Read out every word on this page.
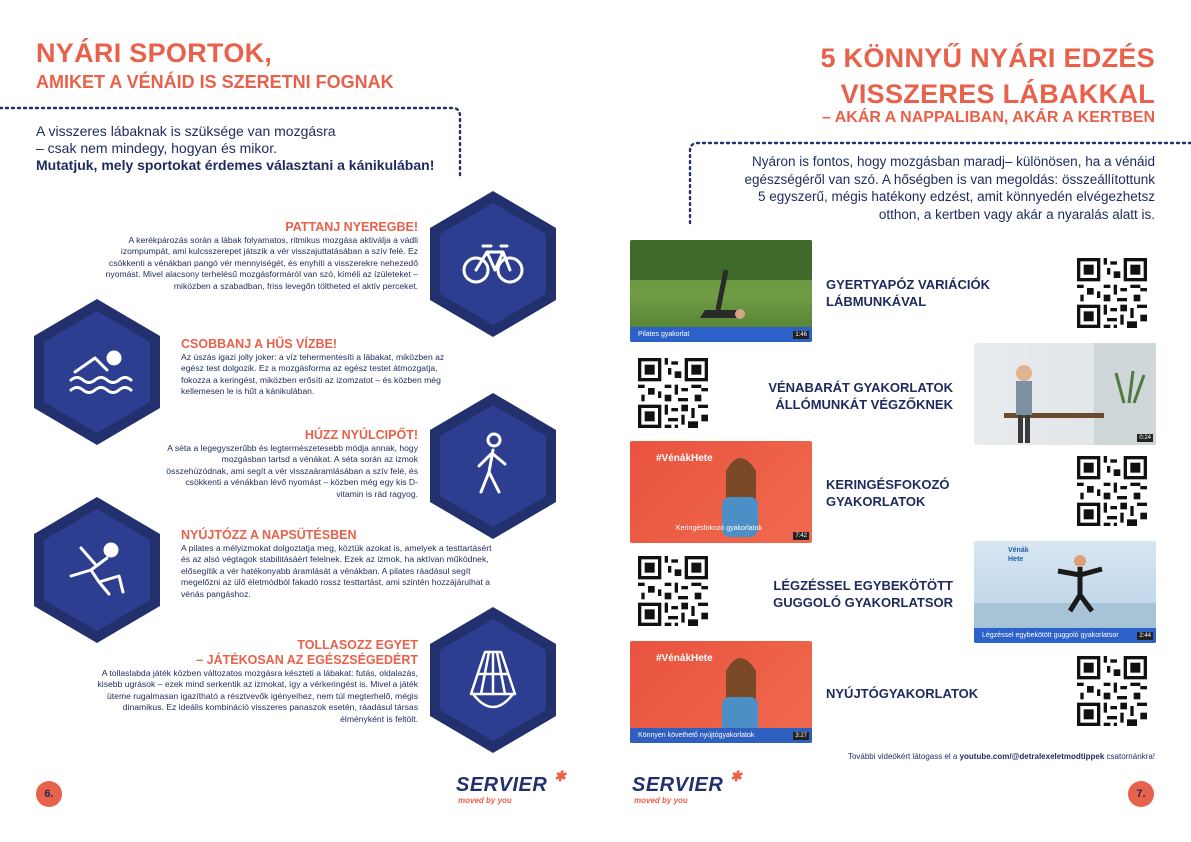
NYÁRI SPORTOK,
AMIKET A VÉNÁID IS SZERETNI FOGNAK
A visszeres lábaknak is szüksége van mozgásra
– csak nem mindegy, hogyan és mikor.
Mutatjuk, mely sportokat érdemes választani a kánikulában!
PATTANJ NYEREGBE!
A kerékpározás során a lábak folyamatos, ritmikus mozgása aktiválja a vádli izompumpát, ami kulcsszerepet játszik a vér visszajuttatásában a szív felé. Ez csökkenti a vénákban pangó vér mennyiségét, és enyhíti a visszerekre nehezedő nyomást. Mivel alacsony terhelésű mozgásformáról van szó, kíméli az ízületeket – miközben a szabadban, friss levegőn töltheted el aktív perceket.
CSOBBANJ A HŰS VÍZBE!
Az úszás igazi jolly joker: a víz tehermentesíti a lábakat, miközben az egész test dolgozik. Ez a mozgásforma az egész testet átmozgatja, fokozza a keringést, miközben erősíti az izomzatot – és közben még kellemesen le is hűt a kánikulában.
HÚZZ NYÚLCIPŐT!
A séta a legegyszerűbb és legtermészetesebb módja annak, hogy mozgásban tartsd a vénákat. A séta során az izmok összehúzódnak, ami segít a vér visszaáramlásában a szív felé, és csökkenti a vénákban lévő nyomást – közben még egy kis D-vitamin is rád ragyog.
NYÚJTÓZZ A NAPSÜTÉSBEN
A pilates a mélyizmokat dolgoztatja meg, köztük azokat is, amelyek a testtartásért és az alsó végtagok stabilitásáért felelnek. Ezek az izmok, ha aktívan működnek, elősegítik a vér hatékonyabb áramlását a vénákban. A pilates ráadásul segít megelőzni az ülő életmódból fakadó rossz testtartást, ami szintén hozzájárulhat a vénás pangáshoz.
TOLLASOZZ EGYET
– JÁTÉKOSAN AZ EGÉSZSÉGEDÉRT
A tollaslabda játék közben változatos mozgásra készteti a lábakat: futás, oldalazás, kisebb ugrások – ezek mind serkentik az izmokat, így a vérkeringést is. Mivel a játék üteme rugalmasan igazítható a résztvevők igényeihez, nem túl megterhelő, mégis dinamikus. Ez ideális kombináció visszeres panaszok esetén, ráadásul társas élményként is feltölt.
6.	SERVIER ✱
moved by you
5 KÖNNYŰ NYÁRI EDZÉS
VISSZERES LÁBAKKAL
– AKÁR A NAPPALIBAN, AKÁR A KERTBEN
Nyáron is fontos, hogy mozgásban maradj– különösen, ha a vénáid
egészségéről van szó. A hőségben is van megoldás: összeállítottunk
5 egyszerű, mégis hatékony edzést, amit könnyedén elvégezhetsz
otthon, a kertben vagy akár a nyaralás alatt is.
Pilates gyakorlat	1:46
GYERTYAPÓZ VARIÁCIÓK
LÁBMUNKÁVAL
VÉNABARÁT GYAKORLATOK
ÁLLÓMUNKÁT VÉGZŐKNEK
0:24
#VénákHete
Keringésfokozó gyakorlatok
7:42
KERINGÉSFOKOZÓ
GYAKORLATOK
LÉGZÉSSEL EGYBEKÖTÖTT
GUGGOLÓ GYAKORLATSOR
Vénák
Hete
Légzéssel egybekötött guggoló gyakorlatsor	2:44
#VénákHete
Könnyen követhető nyújtógyakorlatok	3:27
NYÚJTÓGYAKORLATOK
További videókért látogass el a youtube.com/@detralexeletmodtippek csatornánkra!
SERVIER ✱
moved by you
7.
